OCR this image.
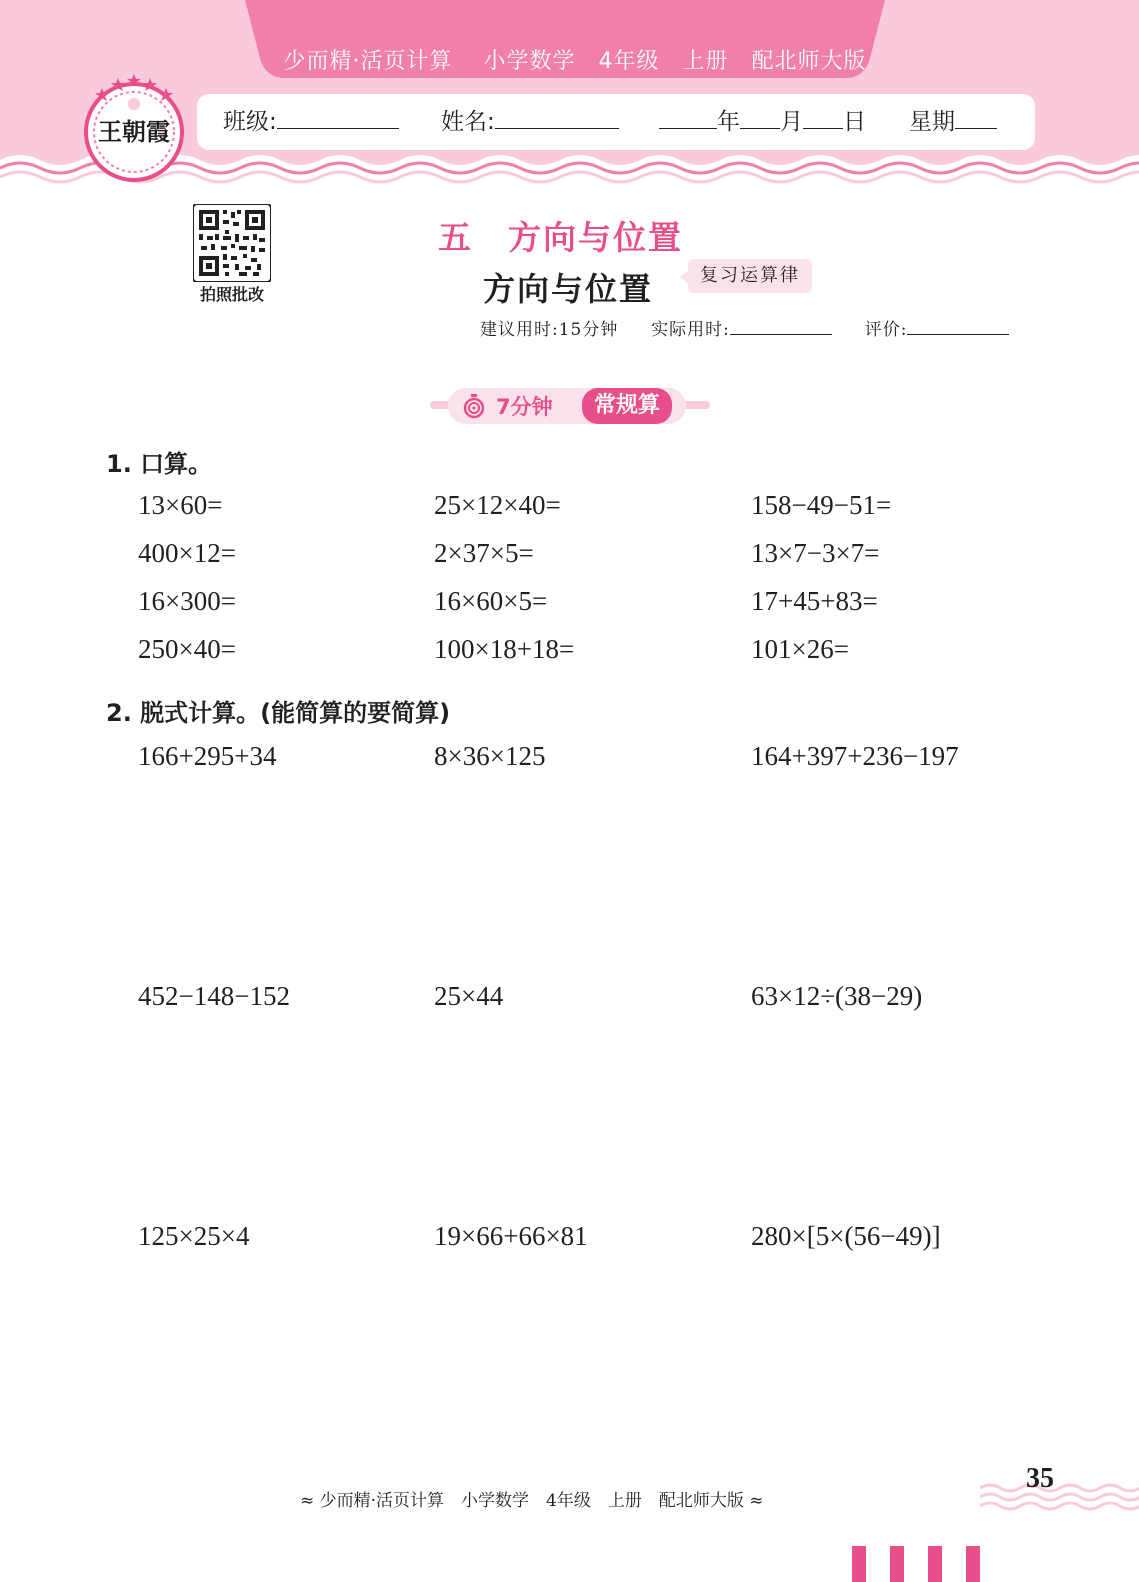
少而精·活页计算　 小学数学　4年级　上册　配北师大版
班级:	姓名:	年 月 日 星期
王朝霞
拍照批改
五　方向与位置
方向与位置	复习运算律
建议用时:15分钟 实际用时:	评价:
7分钟	常规算
1. 口算。
13×60=	25×12×40=	158−49−51=
400×12=	2×37×5=	13×7−3×7=
16×300=	16×60×5=	17+45+83=
250×40=	100×18+18=	101×26=
2. 脱式计算。(能简算的要简算)
166+295+34	8×36×125	164+397+236−197
452−148−152	25×44	63×12÷(38−29)
125×25×4	19×66+66×81	280×[5×(56−49)]
≈ 少而精·活页计算　小学数学　4年级　上册　配北师大版 ≈
35
